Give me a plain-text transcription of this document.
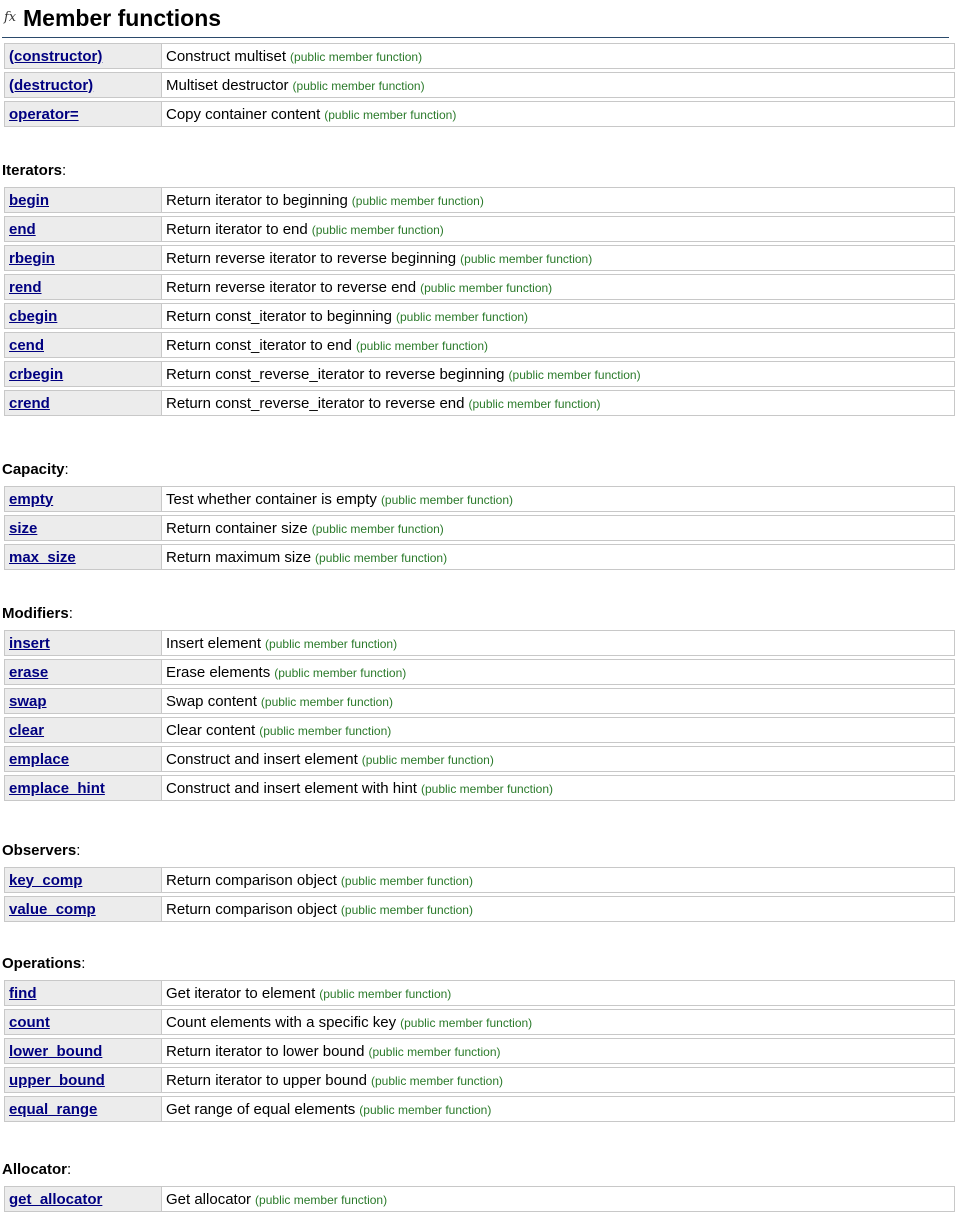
fx Member functions
(constructor)	Construct multiset (public member function)
(destructor)	Multiset destructor (public member function)
operator=	Copy container content (public member function)
Iterators:
begin	Return iterator to beginning (public member function)
end	Return iterator to end (public member function)
rbegin	Return reverse iterator to reverse beginning (public member function)
rend	Return reverse iterator to reverse end (public member function)
cbegin	Return const_iterator to beginning (public member function)
cend	Return const_iterator to end (public member function)
crbegin	Return const_reverse_iterator to reverse beginning (public member function)
crend	Return const_reverse_iterator to reverse end (public member function)
Capacity:
empty	Test whether container is empty (public member function)
size	Return container size (public member function)
max_size	Return maximum size (public member function)
Modifiers:
insert	Insert element (public member function)
erase	Erase elements (public member function)
swap	Swap content (public member function)
clear	Clear content (public member function)
emplace	Construct and insert element (public member function)
emplace_hint	Construct and insert element with hint (public member function)
Observers:
key_comp	Return comparison object (public member function)
value_comp	Return comparison object (public member function)
Operations:
find	Get iterator to element (public member function)
count	Count elements with a specific key (public member function)
lower_bound	Return iterator to lower bound (public member function)
upper_bound	Return iterator to upper bound (public member function)
equal_range	Get range of equal elements (public member function)
Allocator:
get_allocator	Get allocator (public member function)
